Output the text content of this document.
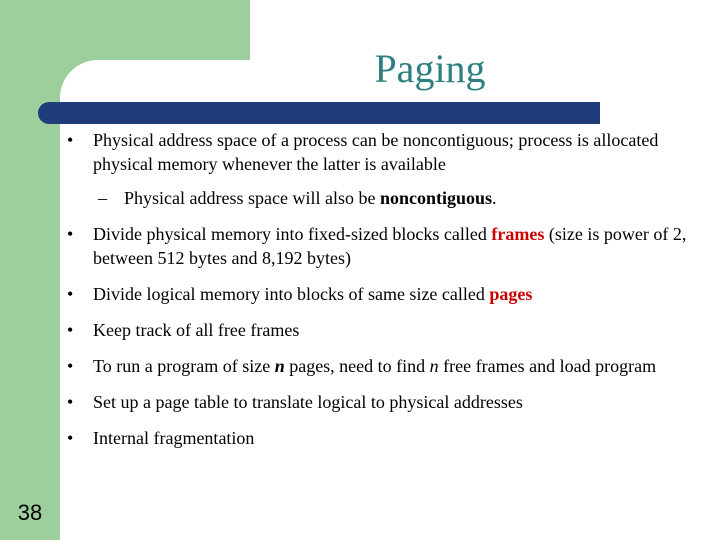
Paging
38
•	Physical address space of a process can be noncontiguous; process is allocated physical memory whenever the latter is available
– Physical address space will also be noncontiguous.
•	Divide physical memory into fixed-sized blocks called frames (size is power of 2, between 512 bytes and 8,192 bytes)
•	Divide logical memory into blocks of same size called pages
•	Keep track of all free frames
•	To run a program of size n pages, need to find n free frames and load program
•	Set up a page table to translate logical to physical addresses
•	Internal fragmentation
